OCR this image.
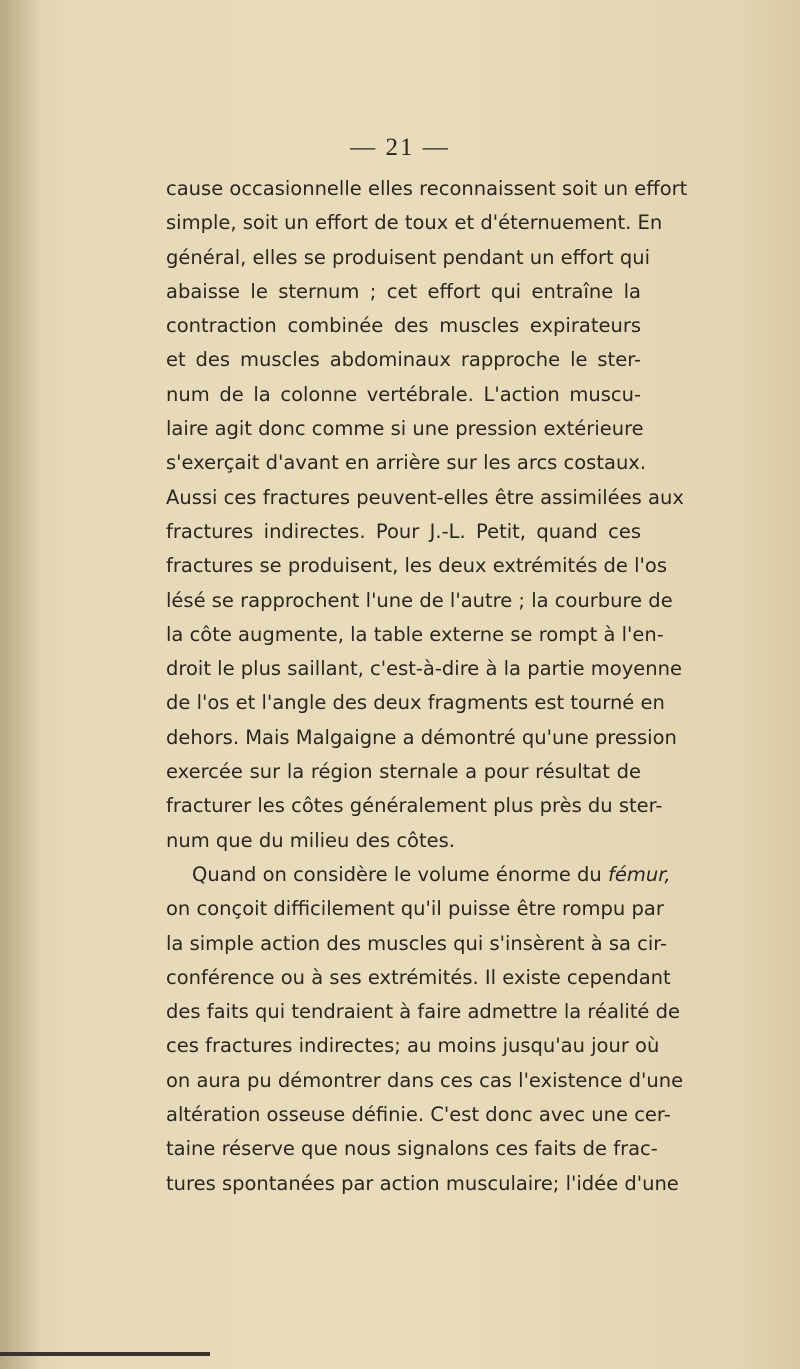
— 21 —
cause occasionnelle elles reconnaissent soit un effort
simple, soit un effort de toux et d'éternuement. En
général, elles se produisent pendant un effort qui
abaisse le sternum ; cet effort qui entraîne la
contraction combinée des muscles expirateurs
et des muscles abdominaux rapproche le ster-
num de la colonne vertébrale. L'action muscu-
laire agit donc comme si une pression extérieure
s'exerçait d'avant en arrière sur les arcs costaux.
Aussi ces fractures peuvent-elles être assimilées aux
fractures indirectes. Pour J.-L. Petit, quand ces
fractures se produisent, les deux extrémités de l'os
lésé se rapprochent l'une de l'autre ; la courbure de
la côte augmente, la table externe se rompt à l'en-
droit le plus saillant, c'est-à-dire à la partie moyenne
de l'os et l'angle des deux fragments est tourné en
dehors. Mais Malgaigne a démontré qu'une pression
exercée sur la région sternale a pour résultat de
fracturer les côtes généralement plus près du ster-
num que du milieu des côtes.
Quand on considère le volume énorme du fémur,
on conçoit difficilement qu'il puisse être rompu par
la simple action des muscles qui s'insèrent à sa cir-
conférence ou à ses extrémités. Il existe cependant
des faits qui tendraient à faire admettre la réalité de
ces fractures indirectes; au moins jusqu'au jour où
on aura pu démontrer dans ces cas l'existence d'une
altération osseuse définie. C'est donc avec une cer-
taine réserve que nous signalons ces faits de frac-
tures spontanées par action musculaire; l'idée d'une
